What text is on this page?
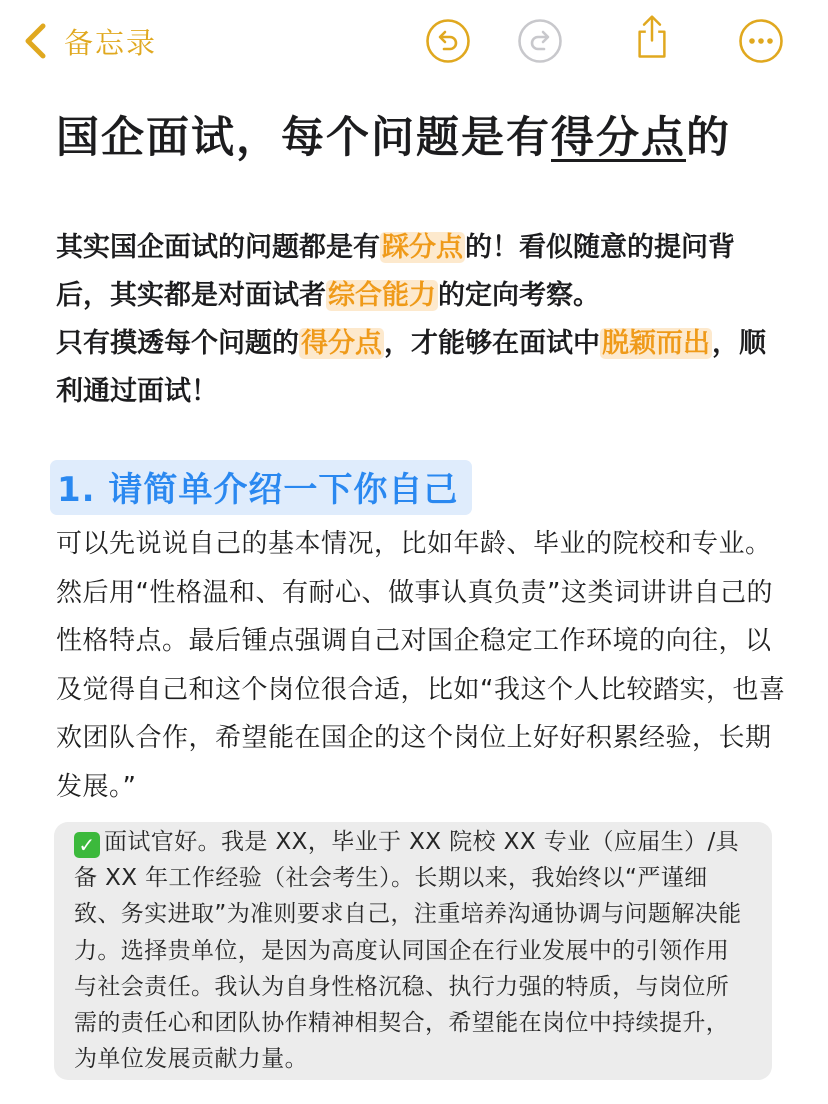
备忘录
国企面试，每个问题是有得分点的

其实国企面试的问题都是有踩分点的！看似随意的提问背后，其实都是对面试者综合能力的定向考察。
只有摸透每个问题的得分点，才能够在面试中脱颖而出，顺利通过面试！

1. 请简单介绍一下你自己

可以先说说自己的基本情况，比如年龄、毕业的院校和专业。然后用“性格温和、有耐心、做事认真负责”这类词讲讲自己的性格特点。最后锺点强调自己对国企稳定工作环境的向往，以及觉得自己和这个岗位很合适，比如“我这个人比较踏实，也喜欢团队合作，希望能在国企的这个岗位上好好积累经验，长期发展。”

✓ 面试官好。我是 XX，毕业于 XX 院校 XX 专业（应届生）/具备 XX 年工作经验（社会考生）。长期以来，我始终以“严谨细致、务实进取”为准则要求自己，注重培养沟通协调与问题解决能力。选择贵单位，是因为高度认同国企在行业发展中的引领作用与社会责任。我认为自身性格沉稳、执行力强的特质，与岗位所需的责任心和团队协作精神相契合，希望能在岗位中持续提升，为单位发展贡献力量。
